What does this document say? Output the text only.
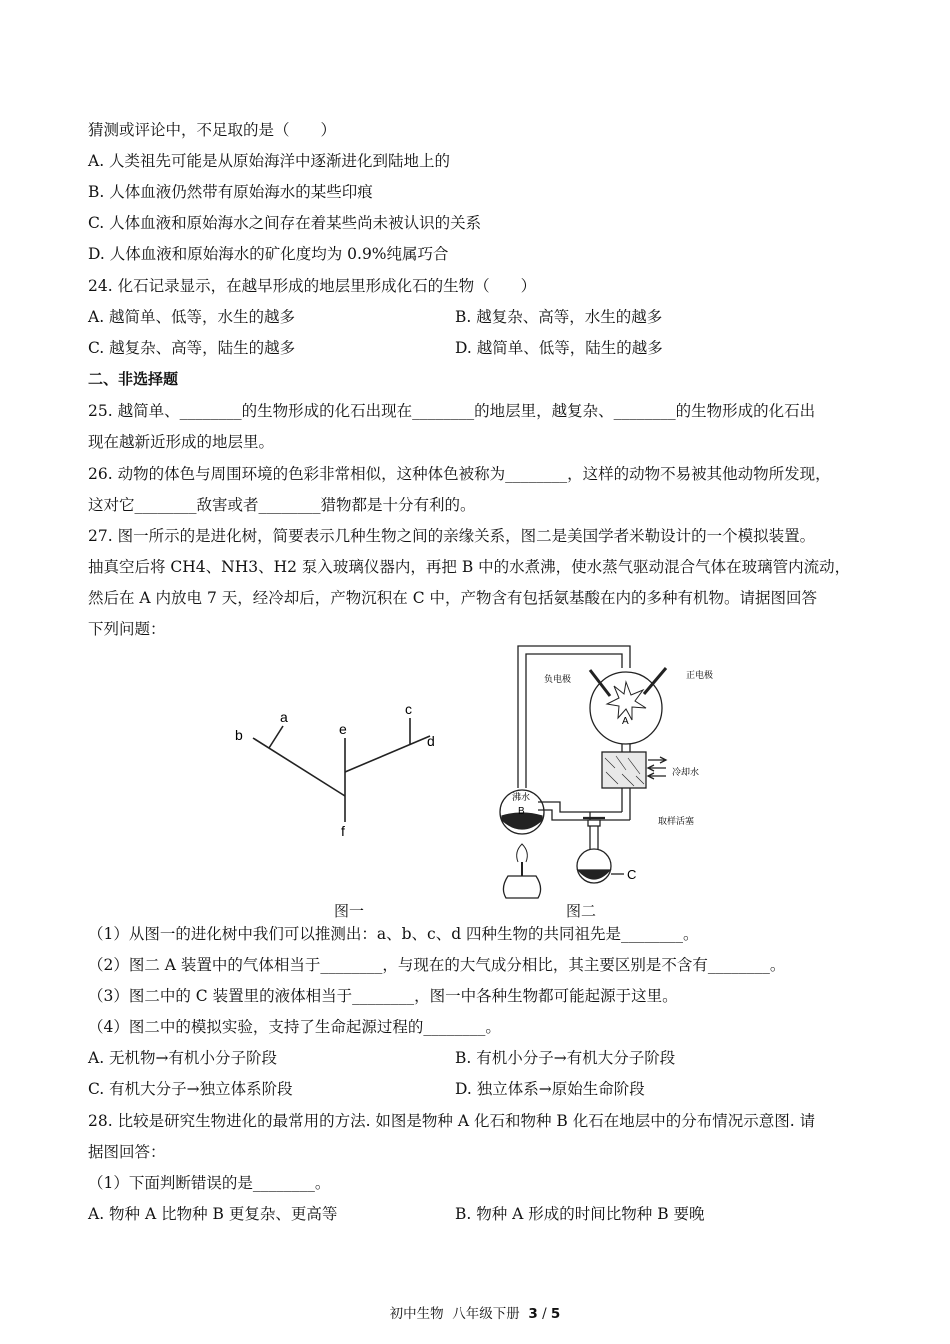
猜测或评论中，不足取的是（　　）
A. 人类祖先可能是从原始海洋中逐渐进化到陆地上的
B. 人体血液仍然带有原始海水的某些印痕
C. 人体血液和原始海水之间存在着某些尚未被认识的关系
D. 人体血液和原始海水的矿化度均为 0.9%纯属巧合
24. 化石记录显示，在越早形成的地层里形成化石的生物（　　）
A. 越简单、低等，水生的越多	B. 越复杂、高等，水生的越多
C. 越复杂、高等，陆生的越多	D. 越简单、低等，陆生的越多
二、非选择题
25. 越简单、________的生物形成的化石出现在________的地层里，越复杂、________的生物形成的化石出
现在越新近形成的地层里。
26. 动物的体色与周围环境的色彩非常相似，这种体色被称为________，这样的动物不易被其他动物所发现，
这对它________敌害或者________猎物都是十分有利的。
27. 图一所示的是进化树，简要表示几种生物之间的亲缘关系，图二是美国学者米勒设计的一个模拟装置。
抽真空后将 CH4、NH3、H2 泵入玻璃仪器内，再把 B 中的水煮沸，使水蒸气驱动混合气体在玻璃管内流动，
然后在 A 内放电 7 天，经冷却后，产物沉积在 C 中，产物含有包括氨基酸在内的多种有机物。请据图回答
下列问题：
a
b	e
c
d
f
图一
负电极	正电极
A
冷却水
沸水
B
取样活塞
C
图二
（1）从图一的进化树中我们可以推测出：a、b、c、d 四种生物的共同祖先是________。
（2）图二 A 装置中的气体相当于________，与现在的大气成分相比，其主要区别是不含有________。
（3）图二中的 C 装置里的液体相当于________，图一中各种生物都可能起源于这里。
（4）图二中的模拟实验，支持了生命起源过程的________。
A. 无机物→有机小分子阶段	B. 有机小分子→有机大分子阶段
C. 有机大分子→独立体系阶段	D. 独立体系→原始生命阶段
28. 比较是研究生物进化的最常用的方法. 如图是物种 A 化石和物种 B 化石在地层中的分布情况示意图. 请
据图回答：
（1）下面判断错误的是________。
A. 物种 A 比物种 B 更复杂、更高等	B. 物种 A 形成的时间比物种 B 要晚
初中生物 八年级下册 3 / 5
